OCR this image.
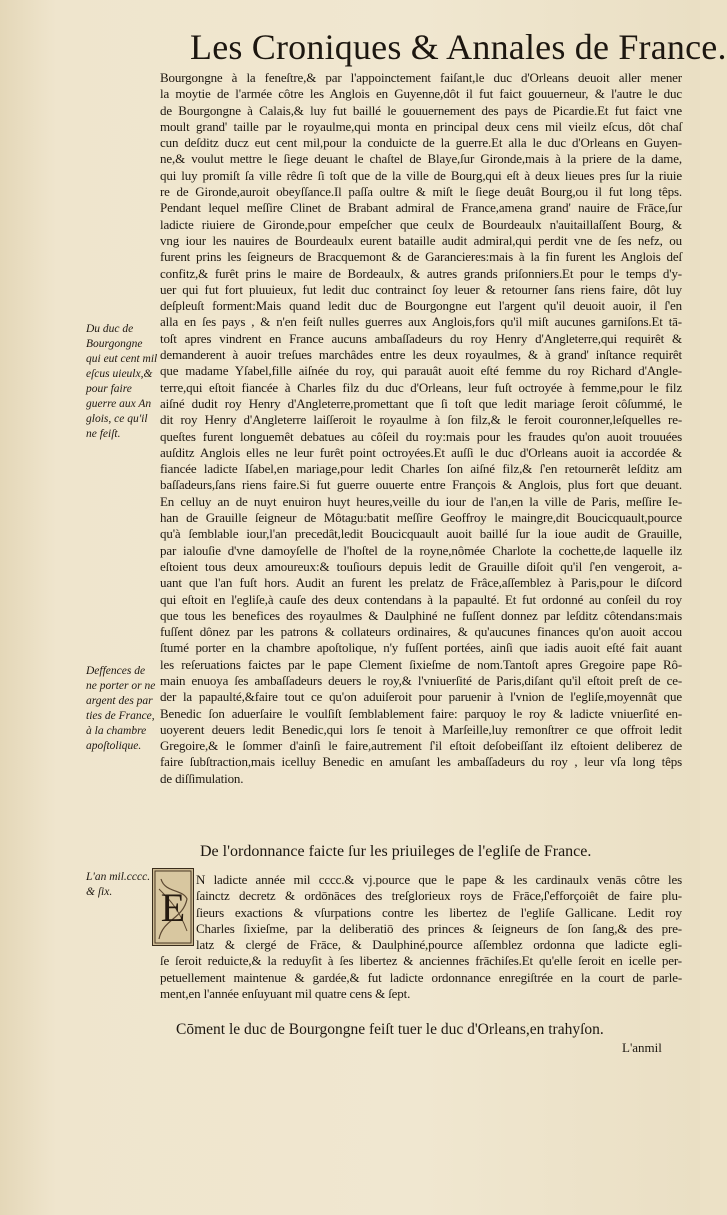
Les Croniques & Annales de France.
Bourgongne à la feneſtre,& par l'appoinctement faiſant,le duc d'Orleans deuoit aller mener
la moytie de l'armée côtre les Anglois en Guyenne,dôt il fut faict gouuerneur, & l'autre le duc
de Bourgongne à Calais,& luy fut baillé le gouuernement des pays de Picardie.Et fut faict vne
moult grand' taille par le royaulme,qui monta en principal deux cens mil vieilz eſcus, dôt chaſ
cun deſditz ducz eut cent mil,pour la conduicte de la guerre.Et alla le duc d'Orleans en Guyen-
ne,& voulut mettre le ſiege deuant le chaſtel de Blaye,ſur Gironde,mais à la priere de la dame,
qui luy promiſt ſa ville rêdre ſi toſt que de la ville de Bourg,qui eſt à deux lieues pres ſur la riuie
re de Gironde,auroit obeyſſance.Il paſſa oultre & miſt le ſiege deuât Bourg,ou il fut long têps.
Pendant lequel meſſire Clinet de Brabant admiral de France,amena grand' nauire de Frāce,ſur
ladicte riuiere de Gironde,pour empeſcher que ceulx de Bourdeaulx n'auitaillaſſent Bourg, &
vng iour les nauires de Bourdeaulx eurent bataille audit admiral,qui perdit vne de ſes nefz, ou
furent prins les ſeigneurs de Bracquemont & de Garancieres:mais à la fin furent les Anglois deſ
confitz,& furêt prins le maire de Bordeaulx, & autres grands priſonniers.Et pour le temps d'y-
uer qui fut fort pluuieux, fut ledit duc contrainct ſoy leuer & retourner ſans riens faire, dôt luy
deſpleuſt forment:Mais quand ledit duc de Bourgongne eut l'argent qu'il deuoit auoir, il ſ'en
alla en ſes pays , & n'en feiſt nulles guerres aux Anglois,fors qu'il miſt aucunes garniſons.Et tā-
toſt apres vindrent en France aucuns ambaſſadeurs du roy Henry d'Angleterre,qui requirêt &
demanderent à auoir treſues marchâdes entre les deux royaulmes, & à grand' inſtance requirêt
que madame Yſabel,fille aiſnée du roy, qui parauât auoit eſté femme du roy Richard d'Angle-
terre,qui eſtoit fiancée à Charles filz du duc d'Orleans, leur fuſt octroyée à femme,pour le filz
aiſné dudit roy Henry d'Angleterre,promettant que ſi toſt que ledit mariage ſeroit côſummé, le
dit roy Henry d'Angleterre laiſſeroit le royaulme à ſon filz,& le feroit couronner,leſquelles re-
queſtes furent longuemêt debatues au côſeil du roy:mais pour les fraudes qu'on auoit trouuées
auſditz Anglois elles ne leur furêt point octroyées.Et auſſi le duc d'Orleans auoit ia accordée &
fiancée ladicte Iſabel,en mariage,pour ledit Charles ſon aiſné filz,& ſ'en retournerêt leſditz am
baſſadeurs,ſans riens faire.Si fut guerre ouuerte entre François & Anglois, plus fort que deuant.
En celluy an de nuyt enuiron huyt heures,veille du iour de l'an,en la ville de Paris, meſſire Ie-
han de Grauille ſeigneur de Môtagu:batit meſſire Geoffroy le maingre,dit Boucicquault,pource
qu'à ſemblable iour,l'an precedât,ledit Boucicquault auoit baillé ſur la ioue audit de Grauille,
par ialouſie d'vne damoyſelle de l'hoſtel de la royne,nômée Charlote la cochette,de laquelle ilz
eſtoient tous deux amoureux:& touſiours depuis ledit de Grauille diſoit qu'il ſ'en vengeroit, a-
uant que l'an fuſt hors. Audit an furent les prelatz de Frâce,aſſemblez à Paris,pour le diſcord
qui eſtoit en l'egliſe,à cauſe des deux contendans à la papaulté. Et fut ordonné au conſeil du roy
que tous les benefices des royaulmes & Daulphiné ne fuſſent donnez par leſditz côtendans:mais
fuſſent dônez par les patrons & collateurs ordinaires, & qu'aucunes finances qu'on auoit accou
ſtumé porter en la chambre apoſtolique, n'y fuſſent portées, ainſi que iadis auoit eſté fait auant
les reſeruations faictes par le pape Clement ſixieſme de nom.Tantoſt apres Gregoire pape Rô-
main enuoya ſes ambaſſadeurs deuers le roy,& l'vniuerſité de Paris,diſant qu'il eſtoit preſt de ce-
der la papaulté,&faire tout ce qu'on aduiſeroit pour paruenir à l'vnion de l'egliſe,moyennât que
Benedic ſon aduerſaire le voulſiſt ſemblablement faire: parquoy le roy & ladicte vniuerſité en-
uoyerent deuers ledit Benedic,qui lors ſe tenoit à Marſeille,luy remonſtrer ce que offroit ledit
Gregoire,& le ſommer d'ainſi le faire,autrement ſ'il eſtoit deſobeiſſant ilz eſtoient deliberez de
faire ſubſtraction,mais icelluy Benedic en amuſant les ambaſſadeurs du roy , leur vſa long têps
de diſſimulation.
Du duc de
Bourgongne
qui eut cent mil
eſcus uieulx,&
pour faire
guerre aux An
glois, ce qu'il
ne feiſt.
Deffences de
ne porter or ne
argent des par
ties de France,
à la chambre
apoſtolique.
L'an mil.cccc.
& ſix.
De l'ordonnance faicte ſur les priuileges de l'egliſe de France.
E
N ladicte année mil cccc.& vj.pource que le pape & les cardinaulx venās côtre les
ſainctz decretz & ordōnāces des treſglorieux roys de Frāce,ſ'efforçoiêt de faire plu-
ſieurs exactions & vſurpations contre les libertez de l'egliſe Gallicane. Ledit roy
Charles ſixieſme, par la deliberatiō des princes & ſeigneurs de ſon ſang,& des pre-
latz & clergé de Frāce, & Daulphiné,pource aſſemblez ordonna que ladicte egli-
ſe ſeroit reduicte,& la reduyſit à ſes libertez & anciennes frāchiſes.Et qu'elle ſeroit en icelle per-
petuellement maintenue & gardée,& fut ladicte ordonnance enregiſtrée en la court de parle-
ment,en l'année enſuyuant mil quatre cens & ſept.
Cōment le duc de Bourgongne feiſt tuer le duc d'Orleans,en trahyſon.
L'anmil
